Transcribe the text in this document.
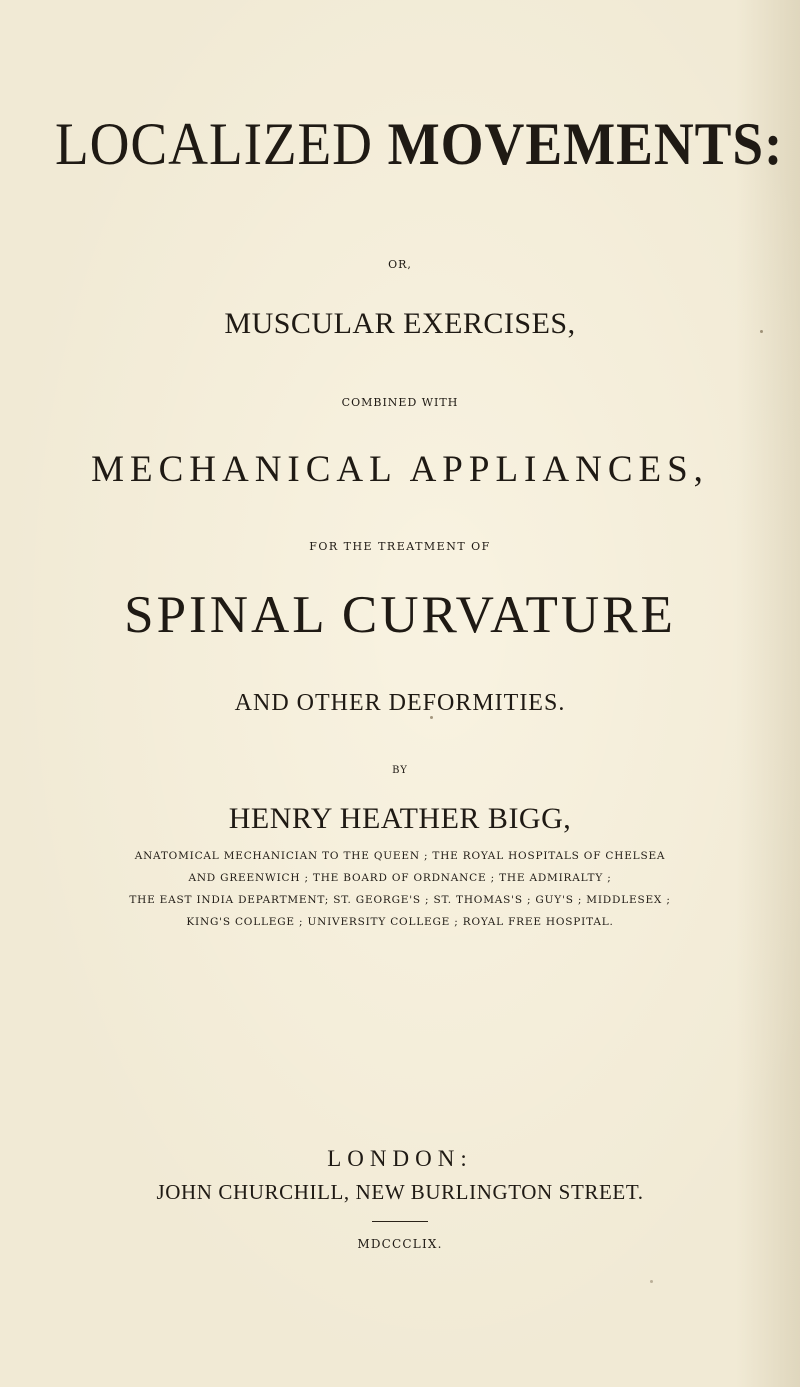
LOCALIZED MOVEMENTS:
OR,
MUSCULAR EXERCISES,
COMBINED WITH
MECHANICAL APPLIANCES,
FOR THE TREATMENT OF
SPINAL CURVATURE
AND OTHER DEFORMITIES.
BY
HENRY HEATHER BIGG,
ANATOMICAL MECHANICIAN TO THE QUEEN ; THE ROYAL HOSPITALS OF CHELSEA
AND GREENWICH ; THE BOARD OF ORDNANCE ; THE ADMIRALTY ;
THE EAST INDIA DEPARTMENT; ST. GEORGE'S ; ST. THOMAS'S ; GUY'S ; MIDDLESEX ;
KING'S COLLEGE ; UNIVERSITY COLLEGE ; ROYAL FREE HOSPITAL.
LONDON:
JOHN CHURCHILL, NEW BURLINGTON STREET.
MDCCCLIX.
